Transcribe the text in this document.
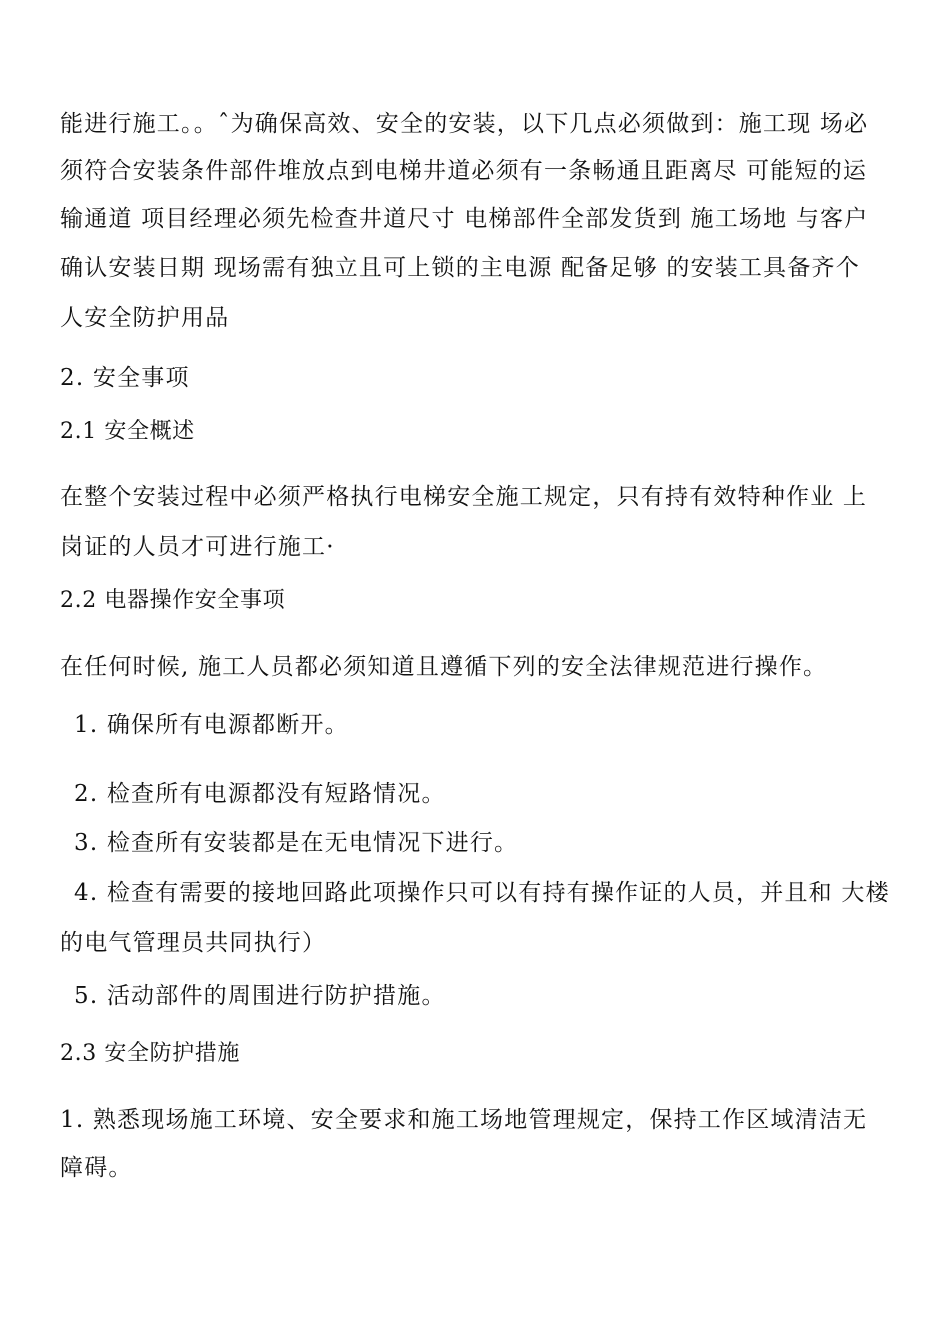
能进行施工。。ˆ为确保高效、安全的安装，以下几点必须做到：施工现 场必
须符合安装条件部件堆放点到电梯井道必须有一条畅通且距离尽 可能短的运
输通道 项目经理必须先检查井道尺寸 电梯部件全部发货到 施工场地 与客户
确认安装日期 现场需有独立且可上锁的主电源 配备足够 的安装工具备齐个
人安全防护用品
2. 安全事项
2.1 安全概述
在整个安装过程中必须严格执行电梯安全施工规定，只有持有效特种作业 上
岗证的人员才可进行施工·
2.2 电器操作安全事项
在任何时候, 施工人员都必须知道且遵循下列的安全法律规范进行操作。
1. 确保所有电源都断开。
2. 检查所有电源都没有短路情况。
3. 检查所有安装都是在无电情况下进行。
4. 检查有需要的接地回路此项操作只可以有持有操作证的人员，并且和 大楼
的电气管理员共同执行）
5. 活动部件的周围进行防护措施。
2.3 安全防护措施
1. 熟悉现场施工环境、安全要求和施工场地管理规定，保持工作区域清洁无
障碍。
